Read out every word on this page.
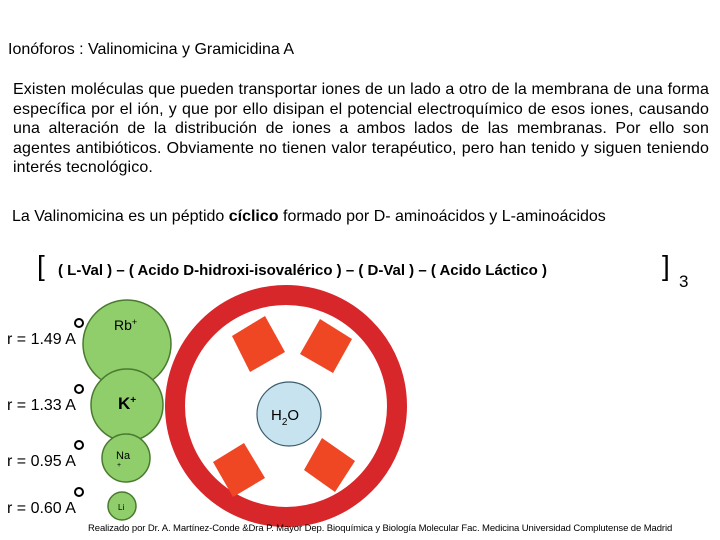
Ionóforos : Valinomicina y Gramicidina A
Existen moléculas que pueden transportar iones de un lado a otro de la membrana de una forma específica por el ión, y que por ello disipan el potencial electroquímico de esos iones, causando una alteración de la distribución de iones a ambos lados de las membranas. Por ello son agentes antibióticos. Obviamente no tienen valor terapéutico, pero han tenido y siguen teniendo interés tecnológico.
La Valinomicina es un péptido cíclico formado por D- aminoácidos y L-aminoácidos
[ ( L-Val ) – ( Acido D-hidroxi-isovalérico ) – ( D-Val ) – ( Acido Láctico )	]
3
r = 1.49 A
r = 1.33 A
r = 0.95 A
r = 0.60 A
Rb+
K+
Na
+
Li
$H_2O$
Realizado por Dr. A. Martínez-Conde &Dra P. Mayor Dep. Bioquímica y Biología Molecular Fac. Medicina Universidad Complutense de Madrid
